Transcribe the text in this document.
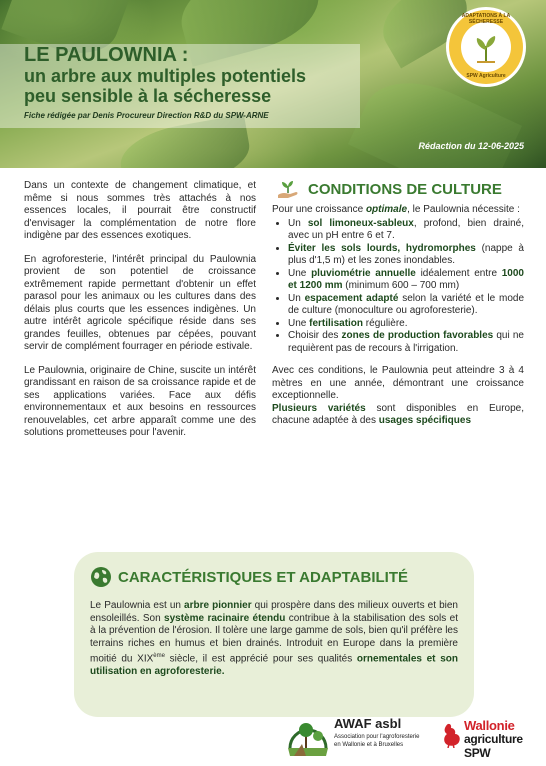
LE PAULOWNIA :
un arbre aux multiples potentiels
peu sensible à la sécheresse

Fiche rédigée par Denis Procureur Direction R&D du SPW-ARNE

Rédaction du 12-06-2025
ADAPTATIONS À LA SÉCHERESSE
SPW Agriculture

Dans un contexte de changement climatique, et même si nous sommes très attachés à nos essences locales, il pourrait être constructif d'envisager la complémentation de notre flore indigène par des essences exotiques.

En agroforesterie, l'intérêt principal du Paulownia provient de son potentiel de croissance extrêmement rapide permettant d'obtenir un effet parasol pour les animaux ou les cultures dans des délais plus courts que les essences indigènes. Un autre intérêt agricole spécifique réside dans ses grandes feuilles, obtenues par cépées, pouvant servir de complément fourrager en période estivale.

Le Paulownia, originaire de Chine, suscite un intérêt grandissant en raison de sa croissance rapide et de ses applications variées. Face aux défis environnementaux et aux besoins en ressources renouvelables, cet arbre apparaît comme une des solutions prometteuses pour l'avenir.

CONDITIONS DE CULTURE

Pour une croissance optimale, le Paulownia nécessite :

• Un sol limoneux-sableux, profond, bien drainé, avec un pH entre 6 et 7.
• Éviter les sols lourds, hydromorphes (nappe à plus d'1,5 m) et les zones inondables.
• Une pluviométrie annuelle idéalement entre 1000 et 1200 mm (minimum 600 – 700 mm)
• Un espacement adapté selon la variété et le mode de culture (monoculture ou agroforesterie).
• Une fertilisation régulière.
• Choisir des zones de production favorables qui ne requièrent pas de recours à l'irrigation.

Avec ces conditions, le Paulownia peut atteindre 3 à 4 mètres en une année, démontrant une croissance exceptionnelle.

Plusieurs variétés sont disponibles en Europe, chacune adaptée à des usages spécifiques

CARACTÉRISTIQUES ET ADAPTABILITÉ

Le Paulownia est un arbre pionnier qui prospère dans des milieux ouverts et bien ensoleillés. Son système racinaire étendu contribue à la stabilisation des sols et à la prévention de l'érosion. Il tolère une large gamme de sols, bien qu'il préfère les terrains riches en humus et bien drainés. Introduit en Europe dans la première moitié du XIXème siècle, il est apprécié pour ses qualités ornementales et son utilisation en agroforesterie.

AWAF asbl
Association pour l'agroforesterie
en Wallonie et à Bruxelles
Wallonie
agriculture
SPW
